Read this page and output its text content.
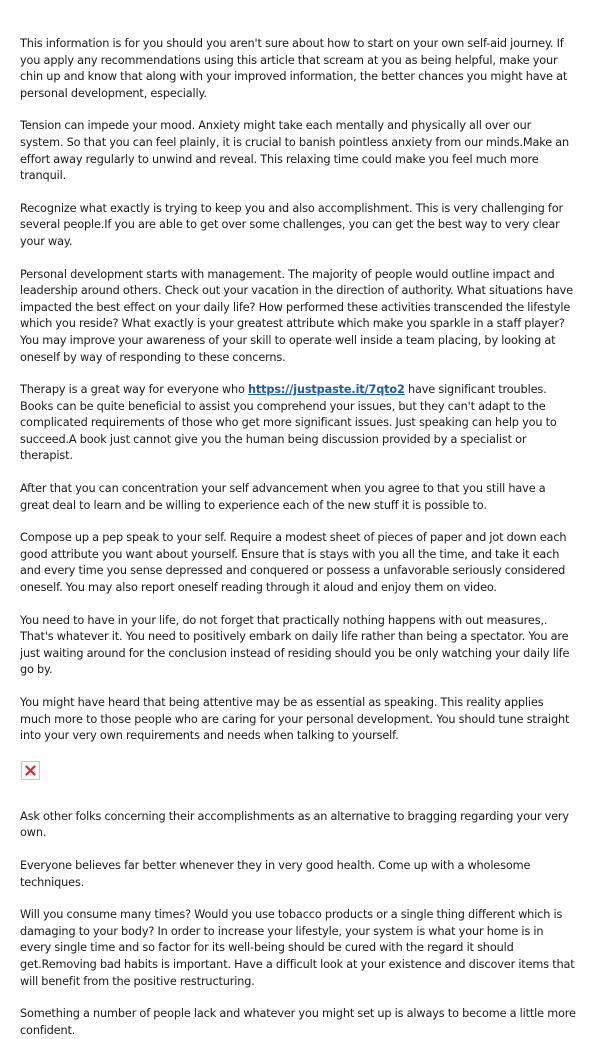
This information is for you should you aren't sure about how to start on your own self-aid journey. If you apply any recommendations using this article that scream at you as being helpful, make your chin up and know that along with your improved information, the better chances you might have at personal development, especially.

Tension can impede your mood. Anxiety might take each mentally and physically all over our system. So that you can feel plainly, it is crucial to banish pointless anxiety from our minds.Make an effort away regularly to unwind and reveal. This relaxing time could make you feel much more tranquil.

Recognize what exactly is trying to keep you and also accomplishment. This is very challenging for several people.If you are able to get over some challenges, you can get the best way to very clear your way.

Personal development starts with management. The majority of people would outline impact and leadership around others. Check out your vacation in the direction of authority. What situations have impacted the best effect on your daily life? How performed these activities transcended the lifestyle which you reside? What exactly is your greatest attribute which make you sparkle in a staff player? You may improve your awareness of your skill to operate well inside a team placing, by looking at oneself by way of responding to these concerns.

Therapy is a great way for everyone who https://justpaste.it/7qto2 have significant troubles. Books can be quite beneficial to assist you comprehend your issues, but they can't adapt to the complicated requirements of those who get more significant issues. Just speaking can help you to succeed.A book just cannot give you the human being discussion provided by a specialist or therapist.

After that you can concentration your self advancement when you agree to that you still have a great deal to learn and be willing to experience each of the new stuff it is possible to.

Compose up a pep speak to your self. Require a modest sheet of pieces of paper and jot down each good attribute you want about yourself. Ensure that is stays with you all the time, and take it each and every time you sense depressed and conquered or possess a unfavorable seriously considered oneself. You may also report oneself reading through it aloud and enjoy them on video.

You need to have in your life, do not forget that practically nothing happens with out measures,. That's whatever it. You need to positively embark on daily life rather than being a spectator. You are just waiting around for the conclusion instead of residing should you be only watching your daily life go by.

You might have heard that being attentive may be as essential as speaking. This reality applies much more to those people who are caring for your personal development. You should tune straight into your very own requirements and needs when talking to yourself.

Ask other folks concerning their accomplishments as an alternative to bragging regarding your very own.

Everyone believes far better whenever they in very good health. Come up with a wholesome techniques.

Will you consume many times? Would you use tobacco products or a single thing different which is damaging to your body? In order to increase your lifestyle, your system is what your home is in every single time and so factor for its well-being should be cured with the regard it should get.Removing bad habits is important. Have a difficult look at your existence and discover items that will benefit from the positive restructuring.

Something a number of people lack and whatever you might set up is always to become a little more confident.
